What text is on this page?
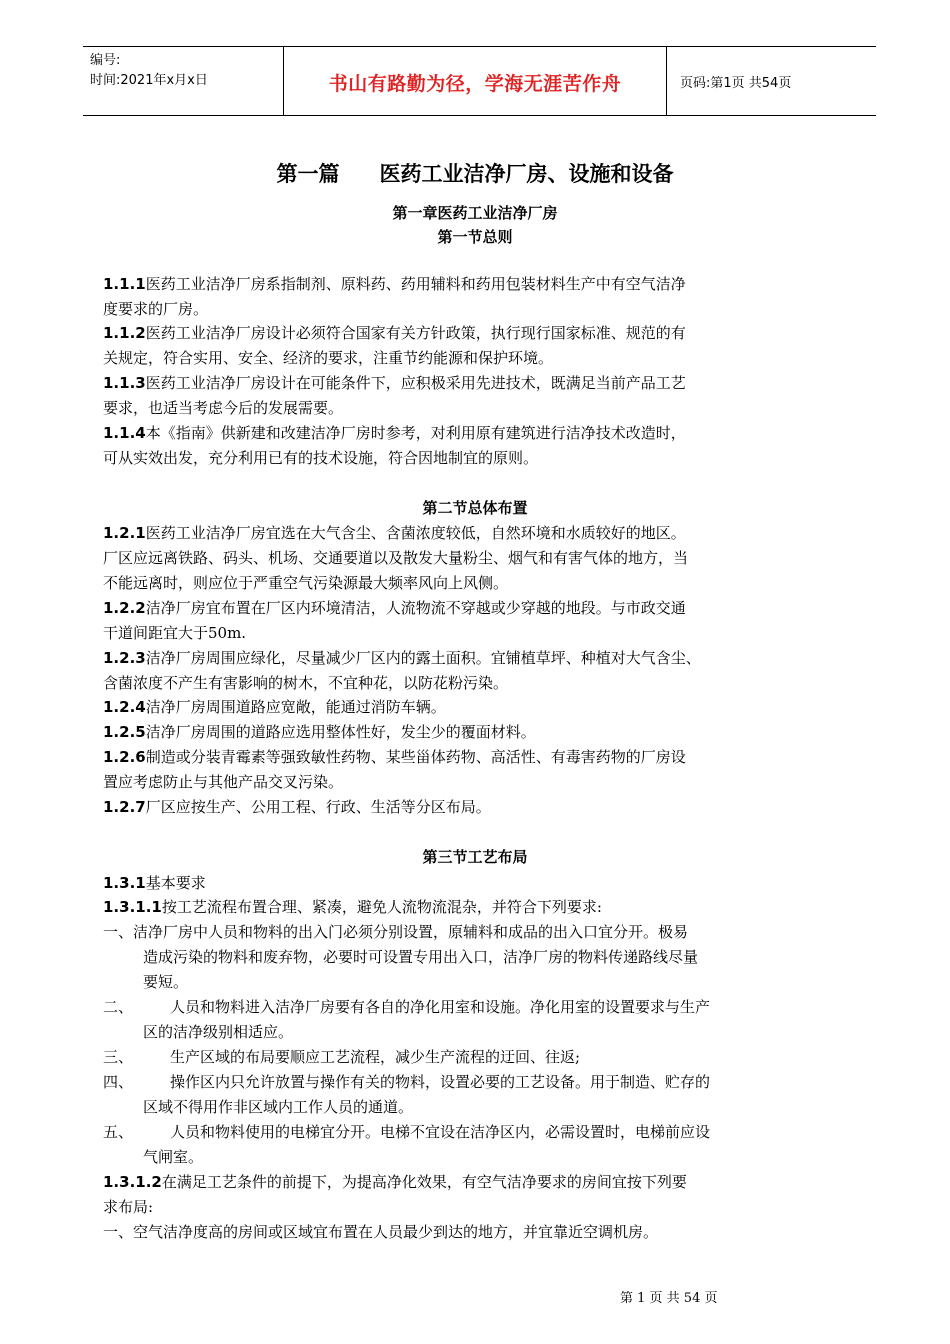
编号:
时间:2021年x月x日	书山有路勤为径，学海无涯苦作舟	页码:第1页 共54页
第一篇 医药工业洁净厂房、设施和设备
第一章医药工业洁净厂房
第一节总则
1.1.1医药工业洁净厂房系指制剂、原料药、药用辅料和药用包装材料生产中有空气洁净
度要求的厂房。
1.1.2医药工业洁净厂房设计必须符合国家有关方针政策，执行现行国家标准、规范的有
关规定，符合实用、安全、经济的要求，注重节约能源和保护环境。
1.1.3医药工业洁净厂房设计在可能条件下，应积极采用先进技术，既满足当前产品工艺
要求，也适当考虑今后的发展需要。
1.1.4本《指南》供新建和改建洁净厂房时参考，对利用原有建筑进行洁净技术改造时，
可从实效出发，充分利用已有的技术设施，符合因地制宜的原则。
第二节总体布置
1.2.1医药工业洁净厂房宜选在大气含尘、含菌浓度较低，自然环境和水质较好的地区。
厂区应远离铁路、码头、机场、交通要道以及散发大量粉尘、烟气和有害气体的地方，当
不能远离时，则应位于严重空气污染源最大频率风向上风侧。
1.2.2洁净厂房宜布置在厂区内环境清洁，人流物流不穿越或少穿越的地段。与市政交通
干道间距宜大于50m.
1.2.3洁净厂房周围应绿化，尽量减少厂区内的露土面积。宜铺植草坪、种植对大气含尘、
含菌浓度不产生有害影响的树木，不宜种花，以防花粉污染。
1.2.4洁净厂房周围道路应宽敞，能通过消防车辆。
1.2.5洁净厂房周围的道路应选用整体性好，发尘少的覆面材料。
1.2.6制造或分装青霉素等强致敏性药物、某些甾体药物、高活性、有毒害药物的厂房设
置应考虑防止与其他产品交叉污染。
1.2.7厂区应按生产、公用工程、行政、生活等分区布局。
第三节工艺布局
1.3.1基本要求
1.3.1.1按工艺流程布置合理、紧凑，避免人流物流混杂，并符合下列要求:
一、洁净厂房中人员和物料的出入门必须分别设置，原辅料和成品的出入口宜分开。极易
造成污染的物料和废弃物，必要时可设置专用出入口，洁净厂房的物料传递路线尽量
要短。
二、 人员和物料进入洁净厂房要有各自的净化用室和设施。净化用室的设置要求与生产
区的洁净级别相适应。
三、 生产区域的布局要顺应工艺流程，减少生产流程的迂回、往返;
四、 操作区内只允许放置与操作有关的物料，设置必要的工艺设备。用于制造、贮存的
区域不得用作非区域内工作人员的通道。
五、 人员和物料使用的电梯宜分开。电梯不宜设在洁净区内，必需设置时，电梯前应设
气闸室。
1.3.1.2在满足工艺条件的前提下，为提高净化效果，有空气洁净要求的房间宜按下列要
求布局:
一、空气洁净度高的房间或区域宜布置在人员最少到达的地方，并宜靠近空调机房。
第 1 页 共 54 页
